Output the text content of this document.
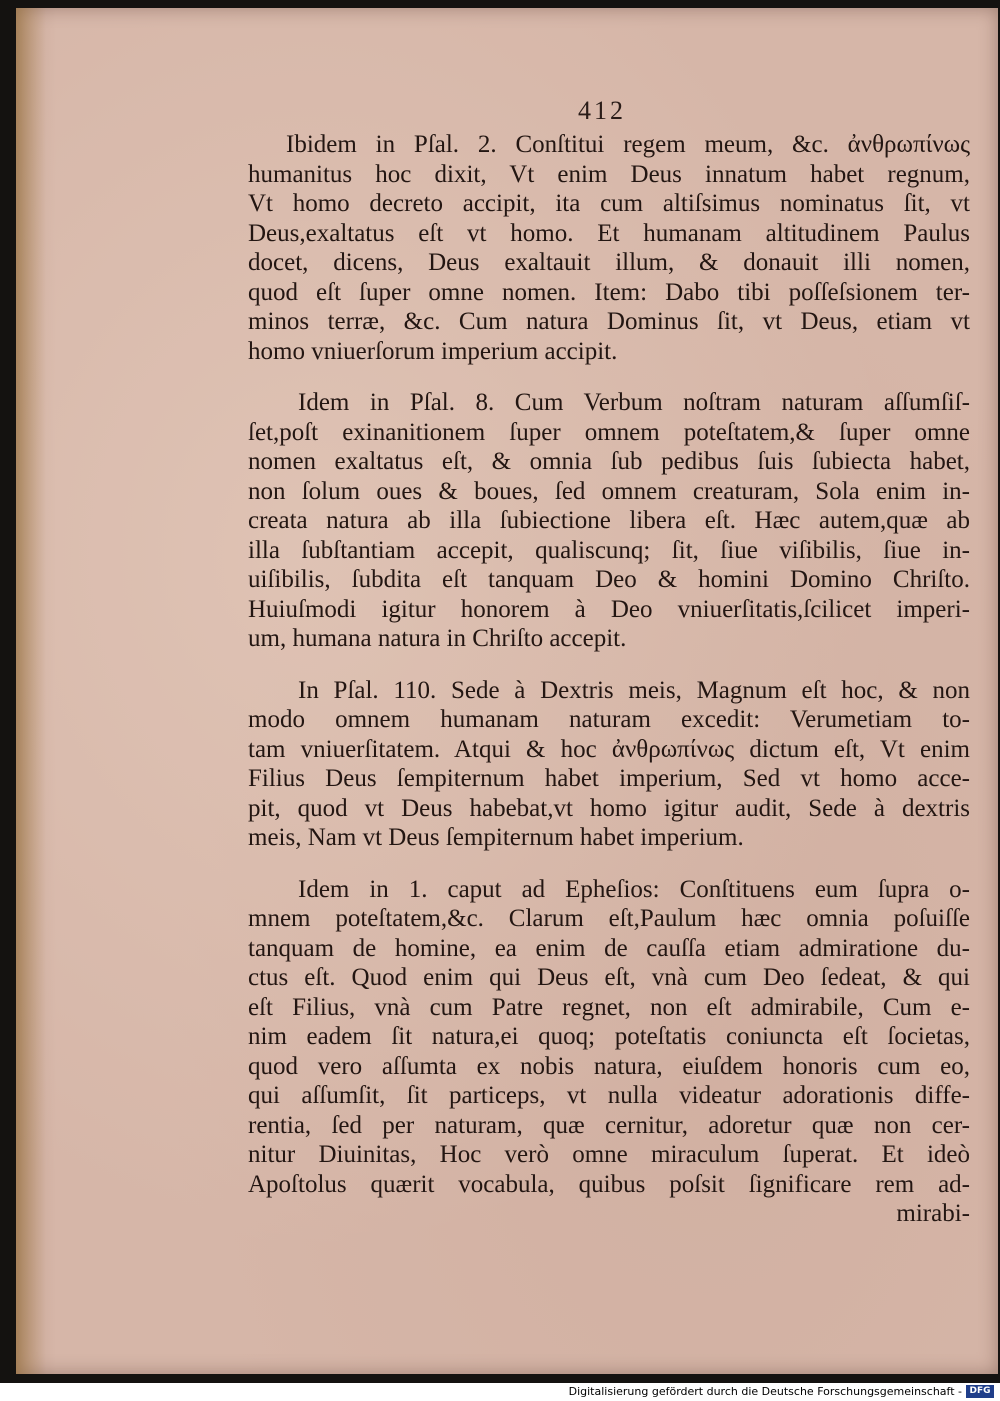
412

Ibidem in Pſal. 2. Conſtitui regem meum, &c. ἀνθρωπίνως
humanitus hoc dixit, Vt enim Deus innatum habet regnum,
Vt homo decreto accipit, ita cum altiſsimus nominatus ſit, vt
Deus,exaltatus eſt vt homo. Et humanam altitudinem Paulus
docet, dicens, Deus exaltauit illum, & donauit illi nomen,
quod eſt ſuper omne nomen. Item: Dabo tibi poſſeſsionem ter-
minos terræ, &c. Cum natura Dominus ſit, vt Deus, etiam vt
homo vniuerſorum imperium accipit.
Idem in Pſal. 8. Cum Verbum noſtram naturam aſſumſiſ-
ſet,poſt exinanitionem ſuper omnem poteſtatem,& ſuper omne
nomen exaltatus eſt, & omnia ſub pedibus ſuis ſubiecta habet,
non ſolum oues & boues, ſed omnem creaturam, Sola enim in-
creata natura ab illa ſubiectione libera eſt. Hæc autem,quæ ab
illa ſubſtantiam accepit, qualiscunq; ſit, ſiue viſibilis, ſiue in-
uiſibilis, ſubdita eſt tanquam Deo & homini Domino Chriſto.
Huiuſmodi igitur honorem à Deo vniuerſitatis,ſcilicet imperi-
um, humana natura in Chriſto accepit.
In Pſal. 110. Sede à Dextris meis, Magnum eſt hoc, & non
modo omnem humanam naturam excedit: Verumetiam to-
tam vniuerſitatem. Atqui & hoc ἀνθρωπίνως dictum eſt, Vt enim
Filius Deus ſempiternum habet imperium, Sed vt homo acce-
pit, quod vt Deus habebat,vt homo igitur audit, Sede à dextris
meis, Nam vt Deus ſempiternum habet imperium.
Idem in 1. caput ad Epheſios: Conſtituens eum ſupra o-
mnem poteſtatem,&c. Clarum eſt,Paulum hæc omnia poſuiſſe
tanquam de homine, ea enim de cauſſa etiam admiratione du-
ctus eſt. Quod enim qui Deus eſt, vnà cum Deo ſedeat, & qui
eſt Filius, vnà cum Patre regnet, non eſt admirabile, Cum e-
nim eadem ſit natura,ei quoq; poteſtatis coniuncta eſt ſocietas,
quod vero aſſumta ex nobis natura, eiuſdem honoris cum eo,
qui aſſumſit, ſit particeps, vt nulla videatur adorationis diffe-
rentia, ſed per naturam, quæ cernitur, adoretur quæ non cer-
nitur Diuinitas, Hoc verò omne miraculum ſuperat. Et ideò
Apoſtolus quærit vocabula, quibus poſsit ſignificare rem ad-
mirabi-
Digitalisierung gefördert durch die Deutsche Forschungsgemeinschaft - DFG
